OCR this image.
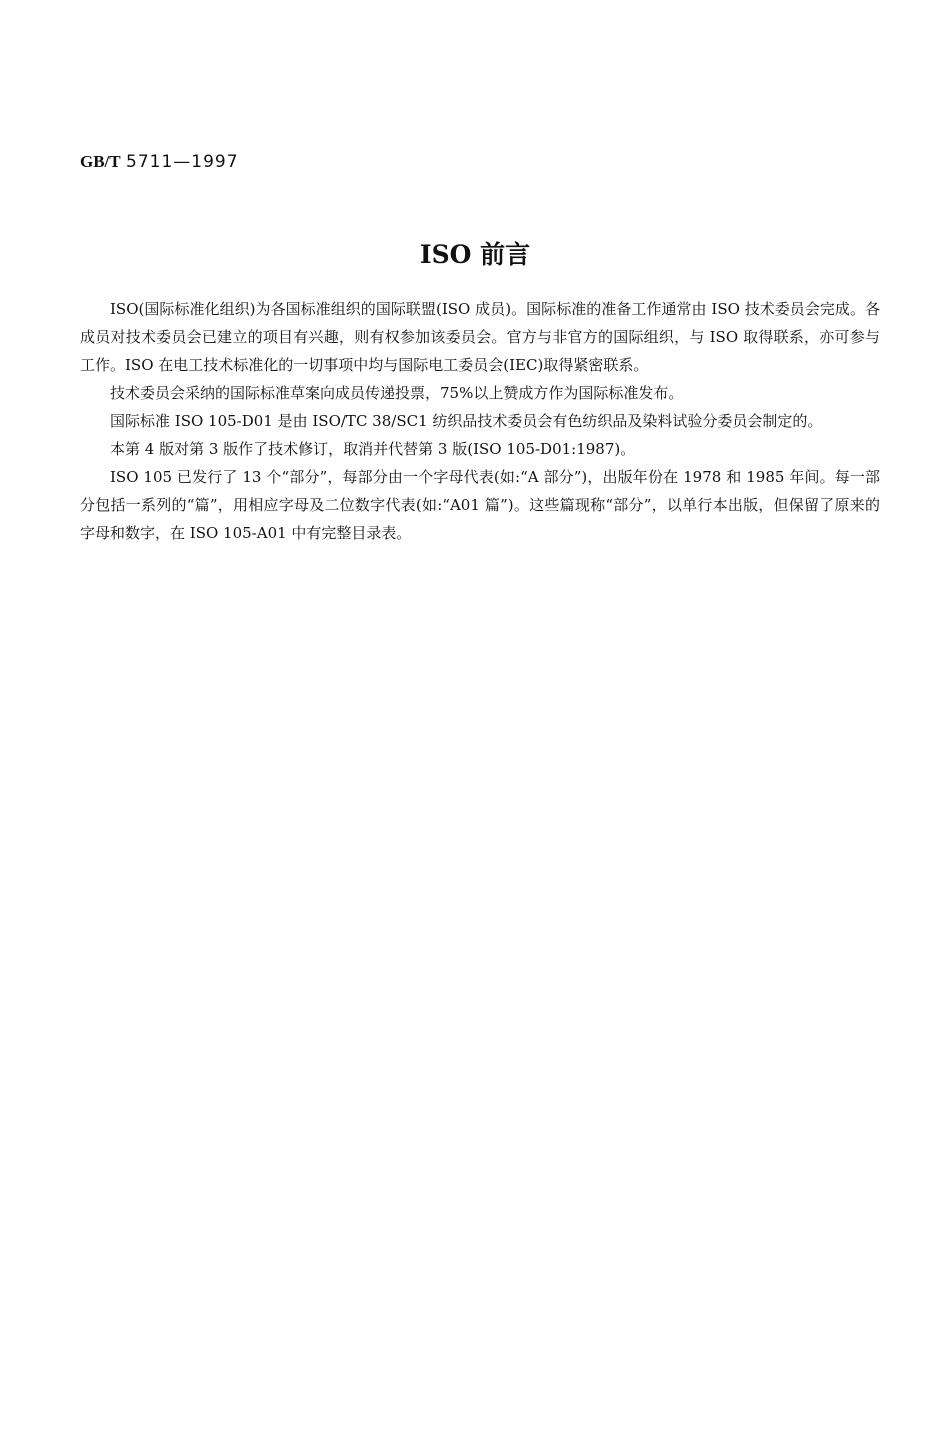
GB/T 5711—1997
ISO 前言

ISO(国际标准化组织)为各国标准组织的国际联盟(ISO 成员)。国际标准的准备工作通常由 ISO 技术委员会完成。各成员对技术委员会已建立的项目有兴趣，则有权参加该委员会。官方与非官方的国际组织，与 ISO 取得联系，亦可参与工作。ISO 在电工技术标准化的一切事项中均与国际电工委员会(IEC)取得紧密联系。

技术委员会采纳的国际标准草案向成员传递投票，75%以上赞成方作为国际标准发布。

国际标准 ISO 105-D01 是由 ISO/TC 38/SC1 纺织品技术委员会有色纺织品及染料试验分委员会制定的。

本第 4 版对第 3 版作了技术修订，取消并代替第 3 版(ISO 105-D01:1987)。

ISO 105 已发行了 13 个“部分”，每部分由一个字母代表(如:“A 部分”)，出版年份在 1978 和 1985 年间。每一部分包括一系列的“篇”，用相应字母及二位数字代表(如:“A01 篇”)。这些篇现称“部分”，以单行本出版，但保留了原来的字母和数字，在 ISO 105-A01 中有完整目录表。
